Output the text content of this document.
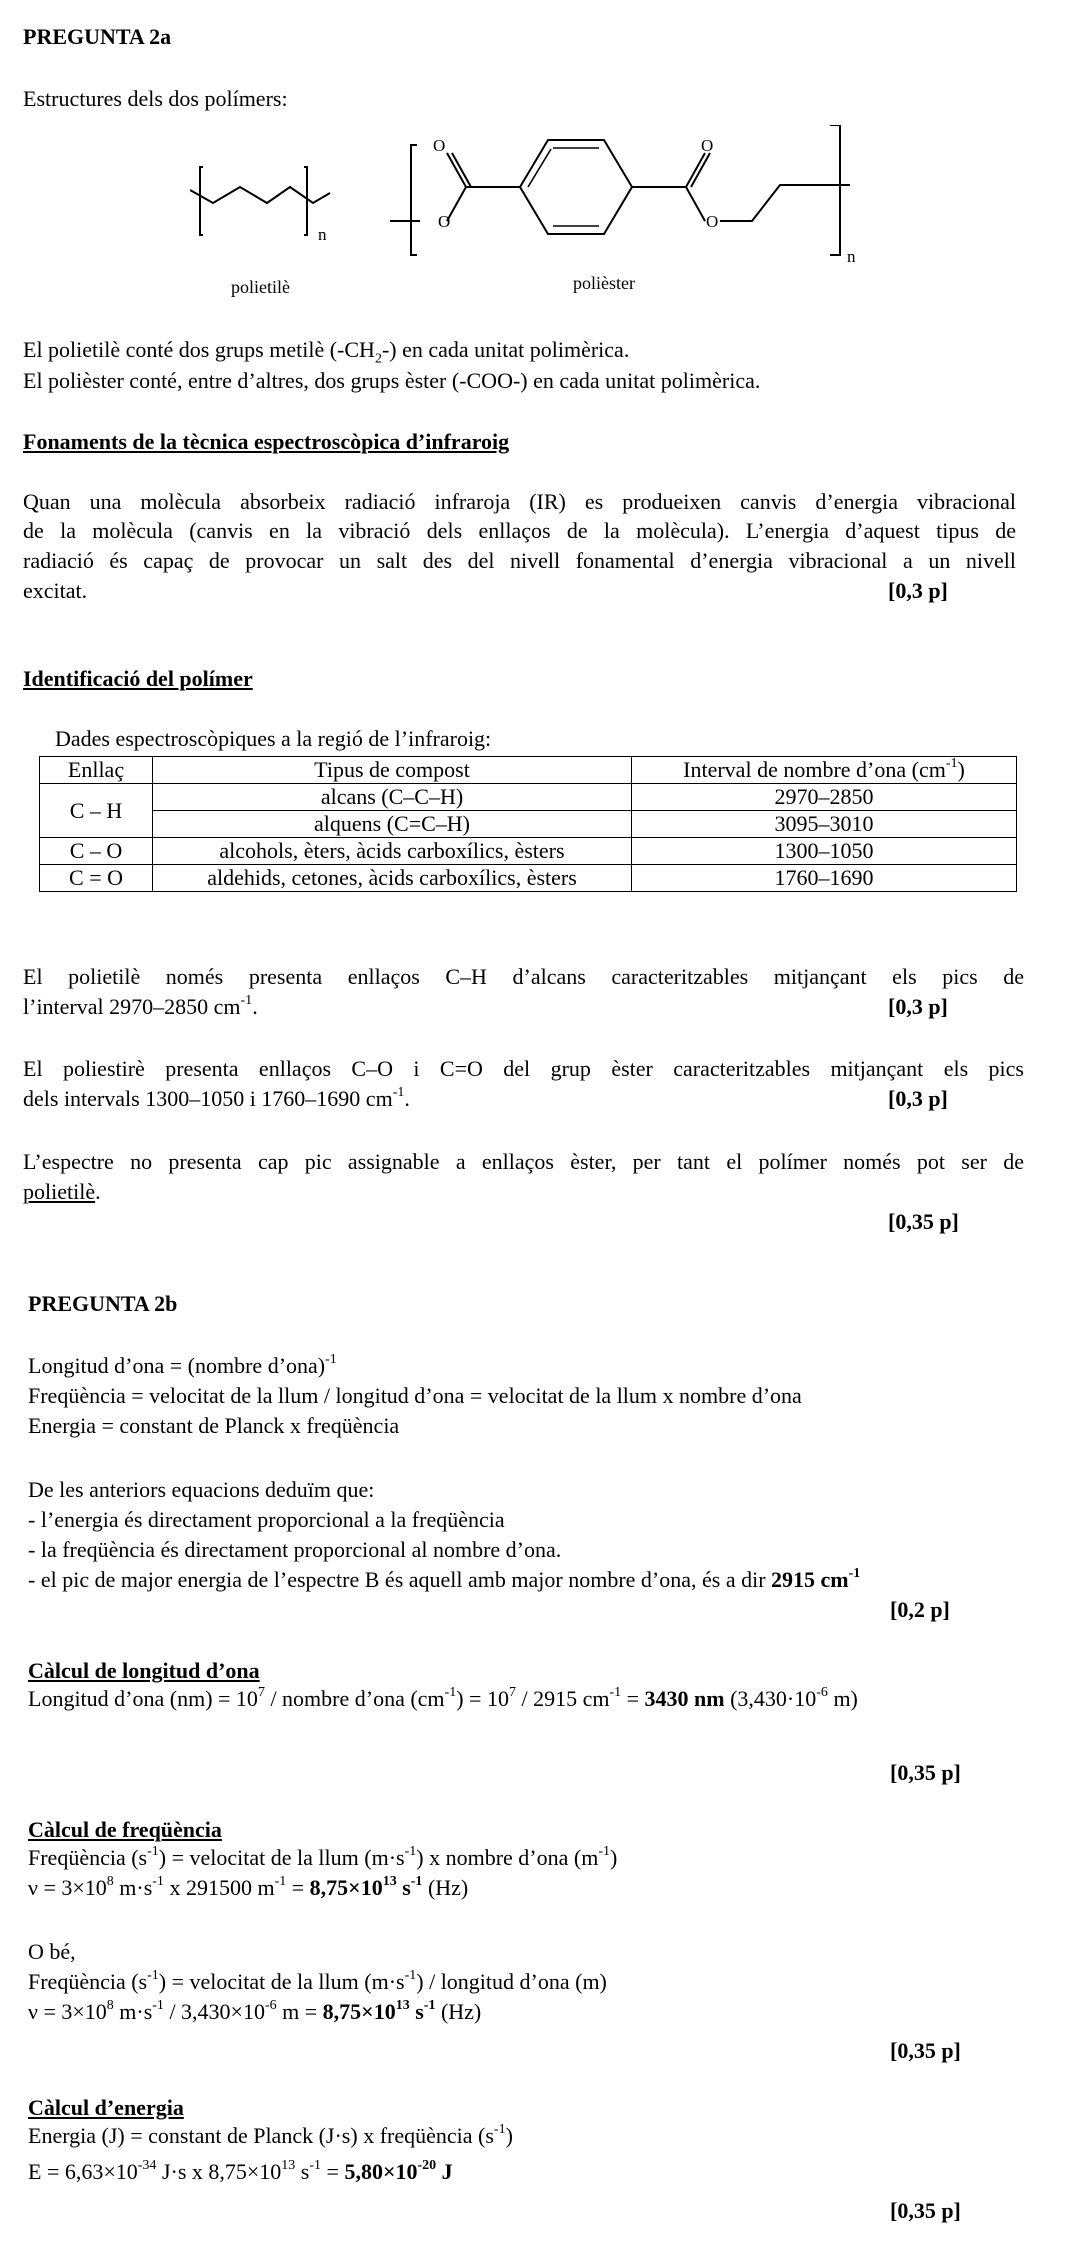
PREGUNTA 2a
Estructures dels dos polímers:
n
O
O
O
O
n
polietilè	polièster
El polietilè conté dos grups metilè $(-CH_2-)$ en cada unitat polimèrica.
El polièster conté, entre d’altres, dos grups èster (-COO-) en cada unitat polimèrica.
Fonaments de la tècnica espectroscòpica d’infraroig
Quan una molècula absorbeix radiació infraroja (IR) es produeixen canvis d’energia vibracional
de la molècula (canvis en la vibració dels enllaços de la molècula). L’energia d’aquest tipus de
radiació és capaç de provocar un salt des del nivell fonamental d’energia vibracional a un nivell
excitat.	[0,3 p]
Identificació del polímer
Dades espectroscòpiques a la regió de l’infraroig:
Enllaç	Tipus de compost	Interval de nombre d’ona $(cm^{-1})$
C – H	alcans (C–C–H)	2970–2850
	alquens (C=C–H)	3095–3010
C – O	alcohols, èters, àcids carboxílics, èsters	1300–1050
C = O	aldehids, cetones, àcids carboxílics, èsters	1760–1690
El polietilè només presenta enllaços C–H d’alcans caracteritzables mitjançant els pics de
l’interval 2970–2850 $cm^{-1}$.	[0,3 p]
El poliestirè presenta enllaços C–O i C=O del grup èster caracteritzables mitjançant els pics
dels intervals 1300–1050 i 1760–1690 $cm^{-1}$.	[0,3 p]
L’espectre no presenta cap pic assignable a enllaços èster, per tant el polímer només pot ser de
polietilè.
[0,35 p]
PREGUNTA 2b
Longitud d’ona = (nombre d’ona)$^{-1}$
Freqüència = velocitat de la llum / longitud d’ona = velocitat de la llum x nombre d’ona
Energia = constant de Planck x freqüència
De les anteriors equacions deduïm que:
- l’energia és directament proporcional a la freqüència
- la freqüència és directament proporcional al nombre d’ona.
- el pic de major energia de l’espectre B és aquell amb major nombre d’ona, és a dir 2915 $cm^{-1}$
[0,2 p]
Càlcul de longitud d’ona
Longitud d’ona $(nm) = 10^7$ / nombre d’ona $(cm^{-1}) = 10^7 / 2915$ $cm^{-1} = 3430$ nm ($3,430\cdot 10^{-6}$ m)
[0,35 p]
Càlcul de freqüència
Freqüència $(s^{-1})$ = velocitat de la llum $(m\cdot s^{-1})$ x nombre d’ona $(m^{-1})$
$\nu = 3\times 10^8$ $m\cdot s^{-1}$ x 291500 $m^{-1} = 8,75\times 10^{13}$ $s^{-1}$ (Hz)
O bé,
Freqüència $(s^{-1})$ = velocitat de la llum $(m\cdot s^{-1})$ / longitud d’ona (m)
$\nu = 3\times 10^8$ $m\cdot s^{-1} / 3,430\times 10^{-6}$ $m = 8,75\times 10^{13}$ $s^{-1}$ (Hz)
[0,35 p]
Càlcul d’energia
Energia (J) = constant de Planck (J·s) x freqüència $(s^{-1})$
$E = 6,63\times 10^{-34}$ J·s x $8,75\times 10^{13}$ $s^{-1} = 5,80\times 10^{-20}$ J
[0,35 p]
